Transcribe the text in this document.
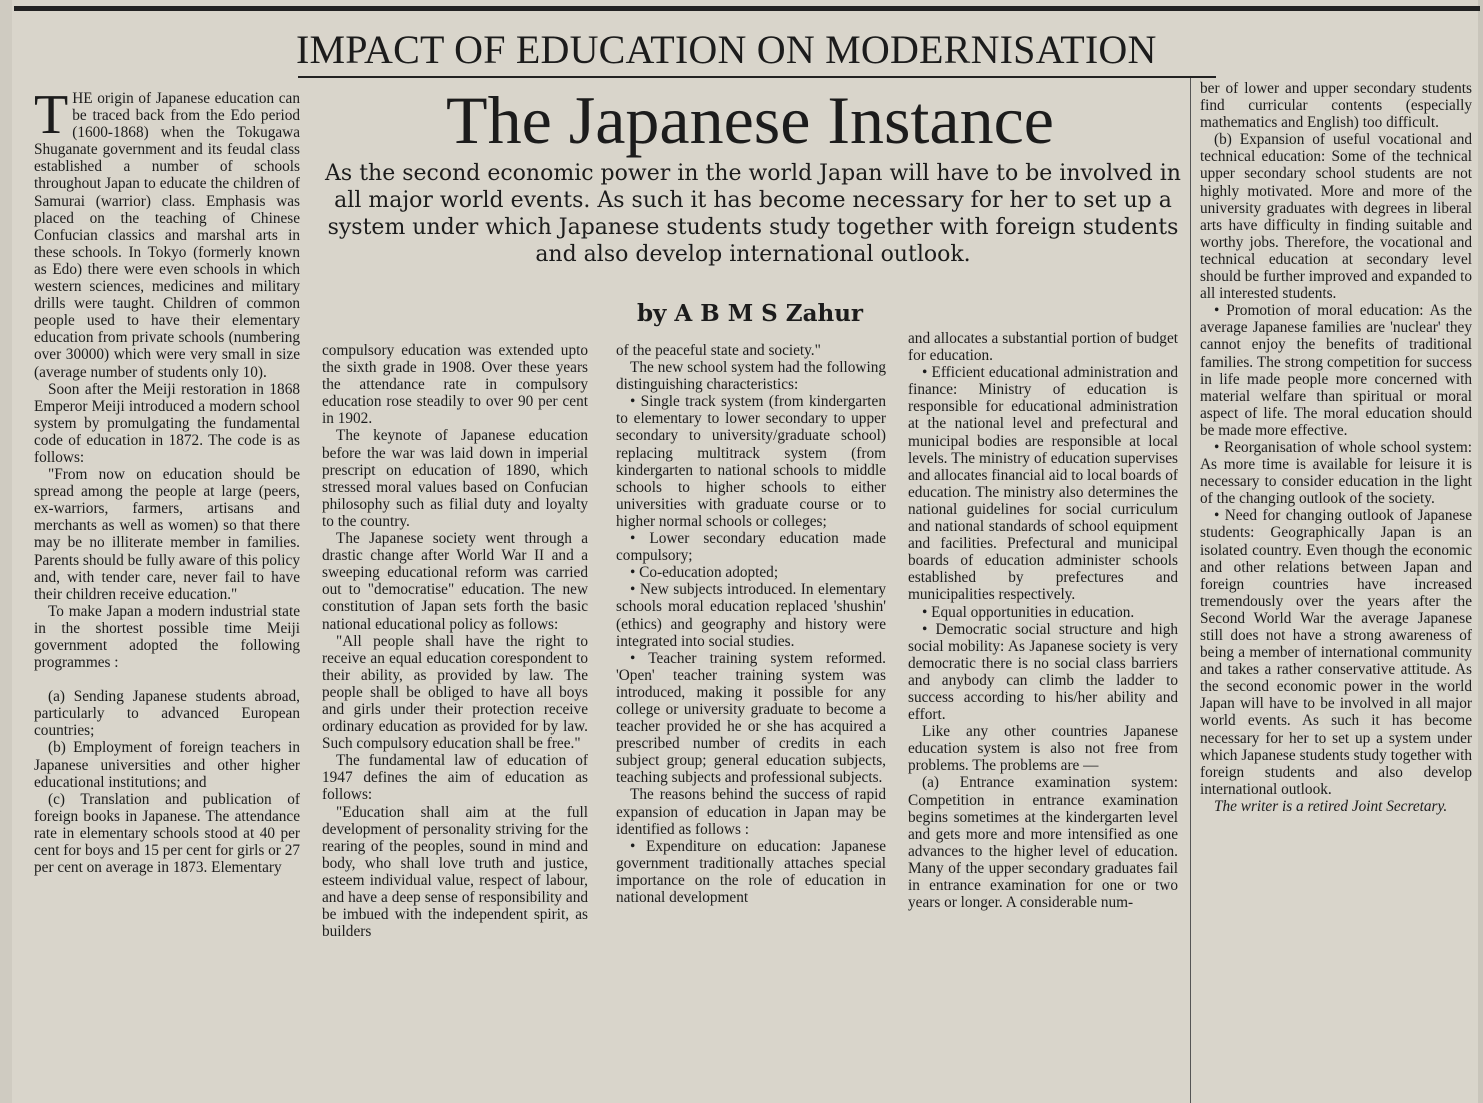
IMPACT OF EDUCATION ON MODERNISATION
The Japanese Instance
As the second economic power in the world Japan will have to be involved in all major world events. As such it has become necessary for her to set up a system under which Japanese students study together with foreign students and also develop international outlook.
by A B M S Zahur

THE origin of Japanese education can be traced back from the Edo period (1600-1868) when the Tokugawa Shuganate government and its feudal class established a number of schools throughout Japan to educate the children of Samurai (warrior) class. Emphasis was placed on the teaching of Chinese Confucian classics and marshal arts in these schools. In Tokyo (formerly known as Edo) there were even schools in which western sciences, medicines and military drills were taught. Children of common people used to have their elementary education from private schools (numbering over 30000) which were very small in size (average number of students only 10).

Soon after the Meiji restoration in 1868 Emperor Meiji introduced a modern school system by promulgating the fundamental code of education in 1872. The code is as follows:

"From now on education should be spread among the people at large (peers, ex-warriors, farmers, artisans and merchants as well as women) so that there may be no illiterate member in families. Parents should be fully aware of this policy and, with tender care, never fail to have their children receive education."

To make Japan a modern industrial state in the shortest possible time Meiji government adopted the following programmes :

(a) Sending Japanese students abroad, particularly to advanced European countries;

(b) Employment of foreign teachers in Japanese universities and other higher educational institutions; and

(c) Translation and publication of foreign books in Japanese. The attendance rate in elementary schools stood at 40 per cent for boys and 15 per cent for girls or 27 per cent on average in 1873. Elementary

compulsory education was extended upto the sixth grade in 1908. Over these years the attendance rate in compulsory education rose steadily to over 90 per cent in 1902.

The keynote of Japanese education before the war was laid down in imperial prescript on education of 1890, which stressed moral values based on Confucian philosophy such as filial duty and loyalty to the country.

The Japanese society went through a drastic change after World War II and a sweeping educational reform was carried out to "democratise" education. The new constitution of Japan sets forth the basic national educational policy as follows:

"All people shall have the right to receive an equal education corespondent to their ability, as provided by law. The people shall be obliged to have all boys and girls under their protection receive ordinary education as provided for by law. Such compulsory education shall be free."

The fundamental law of education of 1947 defines the aim of education as follows:

"Education shall aim at the full development of personality striving for the rearing of the peoples, sound in mind and body, who shall love truth and justice, esteem individual value, respect of labour, and have a deep sense of responsibility and be imbued with the independent spirit, as builders

of the peaceful state and society."

The new school system had the following distinguishing characteristics:

• Single track system (from kindergarten to elementary to lower secondary to upper secondary to university/graduate school) replacing multitrack system (from kindergarten to national schools to middle schools to higher schools to either universities with graduate course or to higher normal schools or colleges;

• Lower secondary education made compulsory;

• Co-education adopted;

• New subjects introduced. In elementary schools moral education replaced 'shushin' (ethics) and geography and history were integrated into social studies.

• Teacher training system reformed. 'Open' teacher training system was introduced, making it possible for any college or university graduate to become a teacher provided he or she has acquired a prescribed number of credits in each subject group; general education subjects, teaching subjects and professional subjects.

The reasons behind the success of rapid expansion of education in Japan may be identified as follows :

• Expenditure on education: Japanese government traditionally attaches special importance on the role of education in national development

and allocates a substantial portion of budget for education.

• Efficient educational administration and finance: Ministry of education is responsible for educational administration at the national level and prefectural and municipal bodies are responsible at local levels. The ministry of education supervises and allocates financial aid to local boards of education. The ministry also determines the national guidelines for social curriculum and national standards of school equipment and facilities. Prefectural and municipal boards of education administer schools established by prefectures and municipalities respectively.

• Equal opportunities in education.

• Democratic social structure and high social mobility: As Japanese society is very democratic there is no social class barriers and anybody can climb the ladder to success according to his/her ability and effort.

Like any other countries Japanese education system is also not free from problems. The problems are —

(a) Entrance examination system: Competition in entrance examination begins sometimes at the kindergarten level and gets more and more intensified as one advances to the higher level of education. Many of the upper secondary graduates fail in entrance examination for one or two years or longer. A considerable num-

ber of lower and upper secondary students find curricular contents (especially mathematics and English) too difficult.

(b) Expansion of useful vocational and technical education: Some of the technical upper secondary school students are not highly motivated. More and more of the university graduates with degrees in liberal arts have difficulty in finding suitable and worthy jobs. Therefore, the vocational and technical education at secondary level should be further improved and expanded to all interested students.

• Promotion of moral education: As the average Japanese families are 'nuclear' they cannot enjoy the benefits of traditional families. The strong competition for success in life made people more concerned with material welfare than spiritual or moral aspect of life. The moral education should be made more effective.

• Reorganisation of whole school system: As more time is available for leisure it is necessary to consider education in the light of the changing outlook of the society.

• Need for changing outlook of Japanese students: Geographically Japan is an isolated country. Even though the economic and other relations between Japan and foreign countries have increased tremendously over the years after the Second World War the average Japanese still does not have a strong awareness of being a member of international community and takes a rather conservative attitude. As the second economic power in the world Japan will have to be involved in all major world events. As such it has become necessary for her to set up a system under which Japanese students study together with foreign students and also develop international outlook.

The writer is a retired Joint Secretary.
